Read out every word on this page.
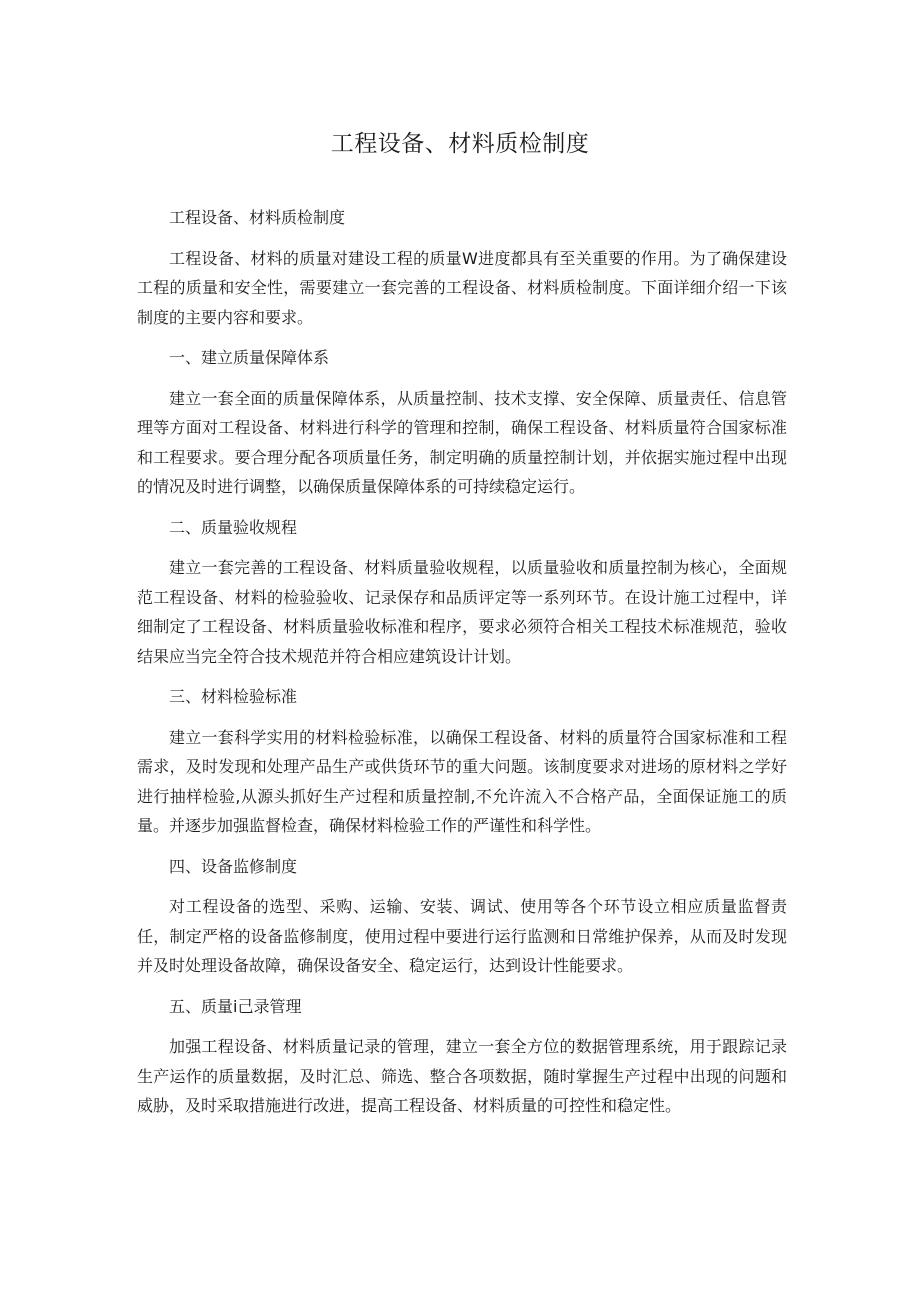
工程设备、材料质检制度

工程设备、材料质检制度

工程设备、材料的质量对建设工程的质量W进度都具有至关重要的作用。为了确保建设工程的质量和安全性，需要建立一套完善的工程设备、材料质检制度。下面详细介绍一下该制度的主要内容和要求。

一、建立质量保障体系

建立一套全面的质量保障体系，从质量控制、技术支撑、安全保障、质量责任、信息管理等方面对工程设备、材料进行科学的管理和控制，确保工程设备、材料质量符合国家标准和工程要求。要合理分配各项质量任务，制定明确的质量控制计划，并依据实施过程中出现的情况及时进行调整，以确保质量保障体系的可持续稳定运行。

二、质量验收规程

建立一套完善的工程设备、材料质量验收规程，以质量验收和质量控制为核心，全面规范工程设备、材料的检验验收、记录保存和品质评定等一系列环节。在设计施工过程中，详细制定了工程设备、材料质量验收标准和程序，要求必须符合相关工程技术标准规范，验收结果应当完全符合技术规范并符合相应建筑设计计划。

三、材料检验标准

建立一套科学实用的材料检验标准，以确保工程设备、材料的质量符合国家标准和工程需求，及时发现和处理产品生产或供货环节的重大问题。该制度要求对进场的原材料之学好进行抽样检验,从源头抓好生产过程和质量控制,不允许流入不合格产品，全面保证施工的质量。并逐步加强监督检查，确保材料检验工作的严谨性和科学性。

四、设备监修制度

对工程设备的选型、采购、运输、安装、调试、使用等各个环节设立相应质量监督责任，制定严格的设备监修制度，使用过程中要进行运行监测和日常维护保养，从而及时发现并及时处理设备故障，确保设备安全、稳定运行，达到设计性能要求。

五、质量i己录管理

加强工程设备、材料质量记录的管理，建立一套全方位的数据管理系统，用于跟踪记录生产运作的质量数据，及时汇总、筛选、整合各项数据，随时掌握生产过程中出现的问题和威胁，及时采取措施进行改进，提高工程设备、材料质量的可控性和稳定性。
